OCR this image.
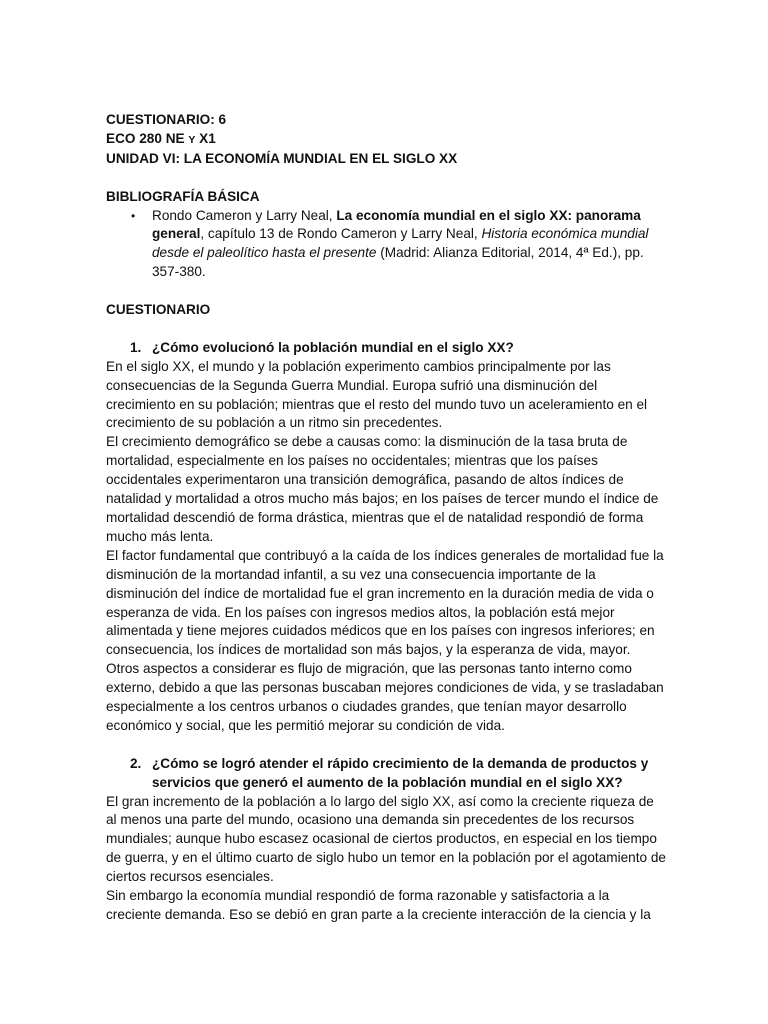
CUESTIONARIO: 6
ECO 280 NE Y X1
UNIDAD VI: LA ECONOMÍA MUNDIAL EN EL SIGLO XX
BIBLIOGRAFÍA BÁSICA
• Rondo Cameron y Larry Neal, La economía mundial en el siglo XX: panorama general, capítulo 13 de Rondo Cameron y Larry Neal, Historia económica mundial desde el paleolítico hasta el presente (Madrid: Alianza Editorial, 2014, 4ª Ed.), pp. 357-380.
CUESTIONARIO
1. ¿Cómo evolucionó la población mundial en el siglo XX?

En el siglo XX, el mundo y la población experimento cambios principalmente por las consecuencias de la Segunda Guerra Mundial. Europa sufrió una disminución del crecimiento en su población; mientras que el resto del mundo tuvo un aceleramiento en el crecimiento de su población a un ritmo sin precedentes.

El crecimiento demográfico se debe a causas como: la disminución de la tasa bruta de mortalidad, especialmente en los países no occidentales; mientras que los países occidentales experimentaron una transición demográfica, pasando de altos índices de natalidad y mortalidad a otros mucho más bajos; en los países de tercer mundo el índice de mortalidad descendió de forma drástica, mientras que el de natalidad respondió de forma mucho más lenta.

El factor fundamental que contribuyó a la caída de los índices generales de mortalidad fue la disminución de la mortandad infantil, a su vez una consecuencia importante de la disminución del índice de mortalidad fue el gran incremento en la duración media de vida o esperanza de vida. En los países con ingresos medios altos, la población está mejor alimentada y tiene mejores cuidados médicos que en los países con ingresos inferiores; en consecuencia, los índices de mortalidad son más bajos, y la esperanza de vida, mayor.

Otros aspectos a considerar es flujo de migración, que las personas tanto interno como externo, debido a que las personas buscaban mejores condiciones de vida, y se trasladaban especialmente a los centros urbanos o ciudades grandes, que tenían mayor desarrollo económico y social, que les permitió mejorar su condición de vida.

2. ¿Cómo se logró atender el rápido crecimiento de la demanda de productos y servicios que generó el aumento de la población mundial en el siglo XX?

El gran incremento de la población a lo largo del siglo XX, así como la creciente riqueza de al menos una parte del mundo, ocasiono una demanda sin precedentes de los recursos mundiales; aunque hubo escasez ocasional de ciertos productos, en especial en los tiempo de guerra, y en el último cuarto de siglo hubo un temor en la población por el agotamiento de ciertos recursos esenciales.

Sin embargo la economía mundial respondió de forma razonable y satisfactoria a la creciente demanda. Eso se debió en gran parte a la creciente interacción de la ciencia y la
